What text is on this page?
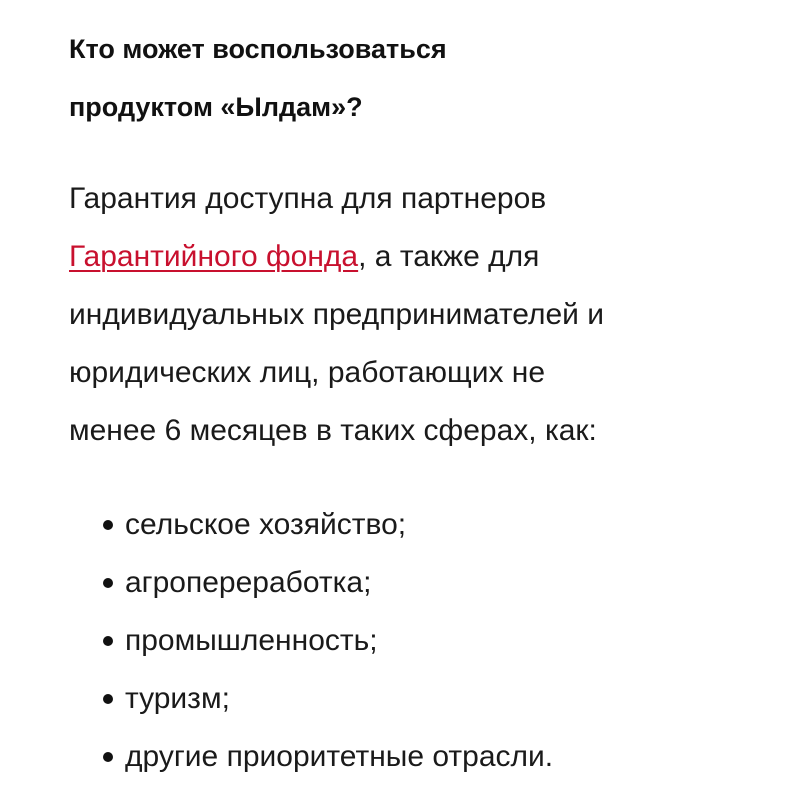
Кто может воспользоваться
продуктом «Ылдам»?

Гарантия доступна для партнеров
Гарантийного фонда, а также для
индивидуальных предпринимателей и
юридических лиц, работающих не
менее 6 месяцев в таких сферах, как:

сельское хозяйство;
агропереработка;
промышленность;
туризм;
другие приоритетные отрасли.
